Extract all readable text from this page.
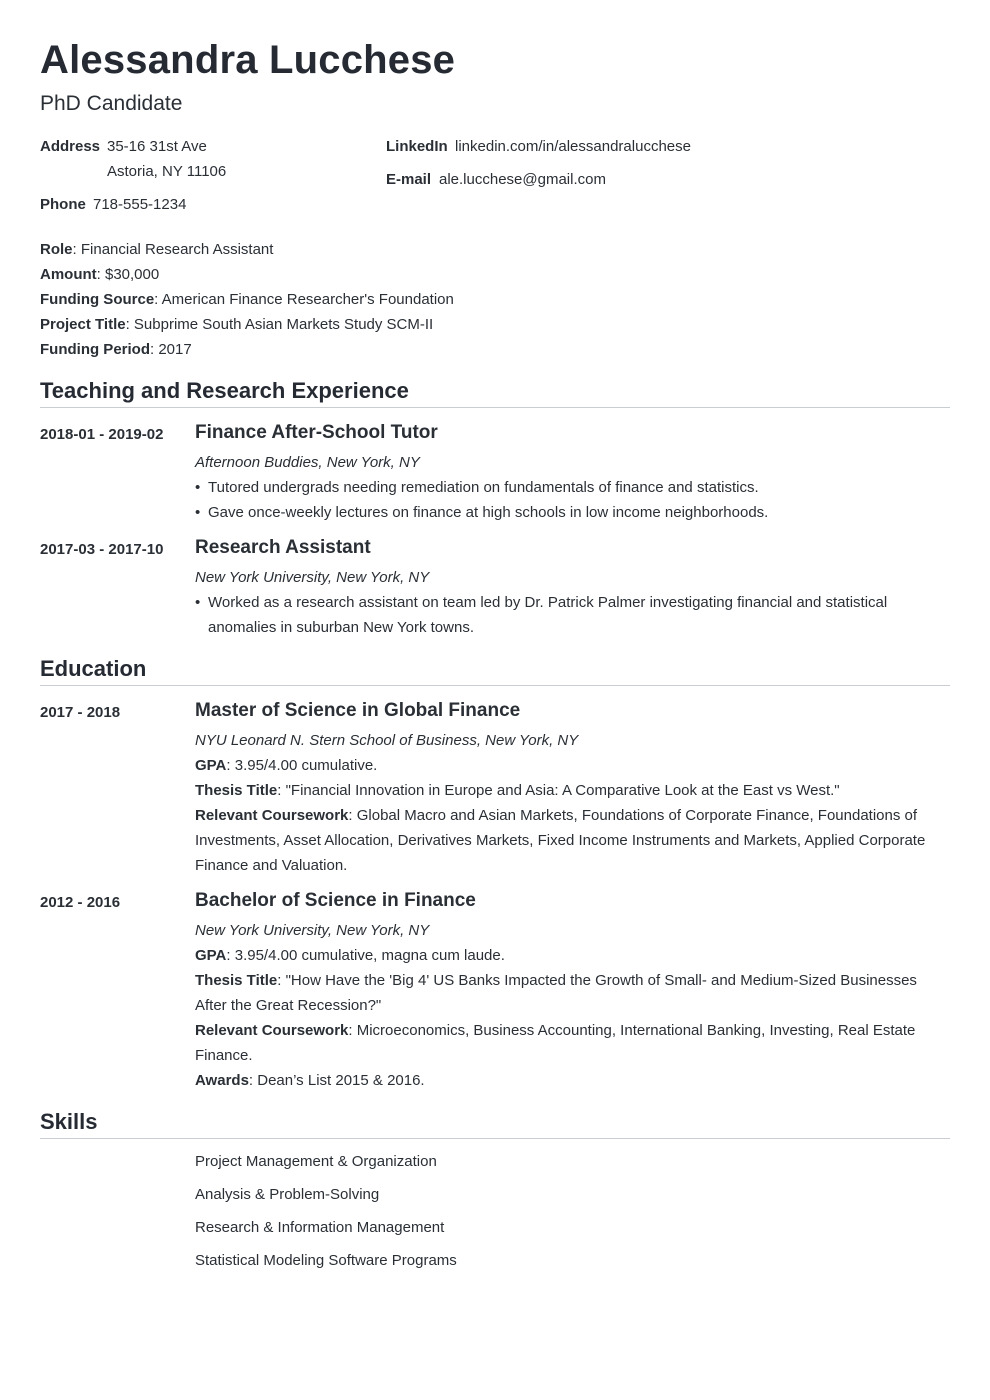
Alessandra Lucchese
PhD Candidate
Address 35-16 31st Ave
Astoria, NY 11106
Phone 718-555-1234
LinkedIn linkedin.com/in/alessandralucchese
E-mail ale.lucchese@gmail.com
Role: Financial Research Assistant
Amount: $30,000
Funding Source: American Finance Researcher's Foundation
Project Title: Subprime South Asian Markets Study SCM-II
Funding Period: 2017
Teaching and Research Experience
2018-01 - 2019-02 Finance After-School Tutor
Afternoon Buddies, New York, NY
• Tutored undergrads needing remediation on fundamentals of finance and statistics.
• Gave once-weekly lectures on finance at high schools in low income neighborhoods.
2017-03 - 2017-10 Research Assistant
New York University, New York, NY
• Worked as a research assistant on team led by Dr. Patrick Palmer investigating financial and statistical anomalies in suburban New York towns.
Education
2017 - 2018	Master of Science in Global Finance
NYU Leonard N. Stern School of Business, New York, NY
GPA: 3.95/4.00 cumulative.
Thesis Title: "Financial Innovation in Europe and Asia: A Comparative Look at the East vs West."
Relevant Coursework: Global Macro and Asian Markets, Foundations of Corporate Finance, Foundations of Investments, Asset Allocation, Derivatives Markets, Fixed Income Instruments and Markets, Applied Corporate Finance and Valuation.
2012 - 2016	Bachelor of Science in Finance
New York University, New York, NY
GPA: 3.95/4.00 cumulative, magna cum laude.
Thesis Title: "How Have the 'Big 4' US Banks Impacted the Growth of Small- and Medium-Sized Businesses After the Great Recession?"
Relevant Coursework: Microeconomics, Business Accounting, International Banking, Investing, Real Estate Finance.
Awards: Dean’s List 2015 & 2016.
Skills
Project Management & Organization
Analysis & Problem-Solving
Research & Information Management
Statistical Modeling Software Programs
